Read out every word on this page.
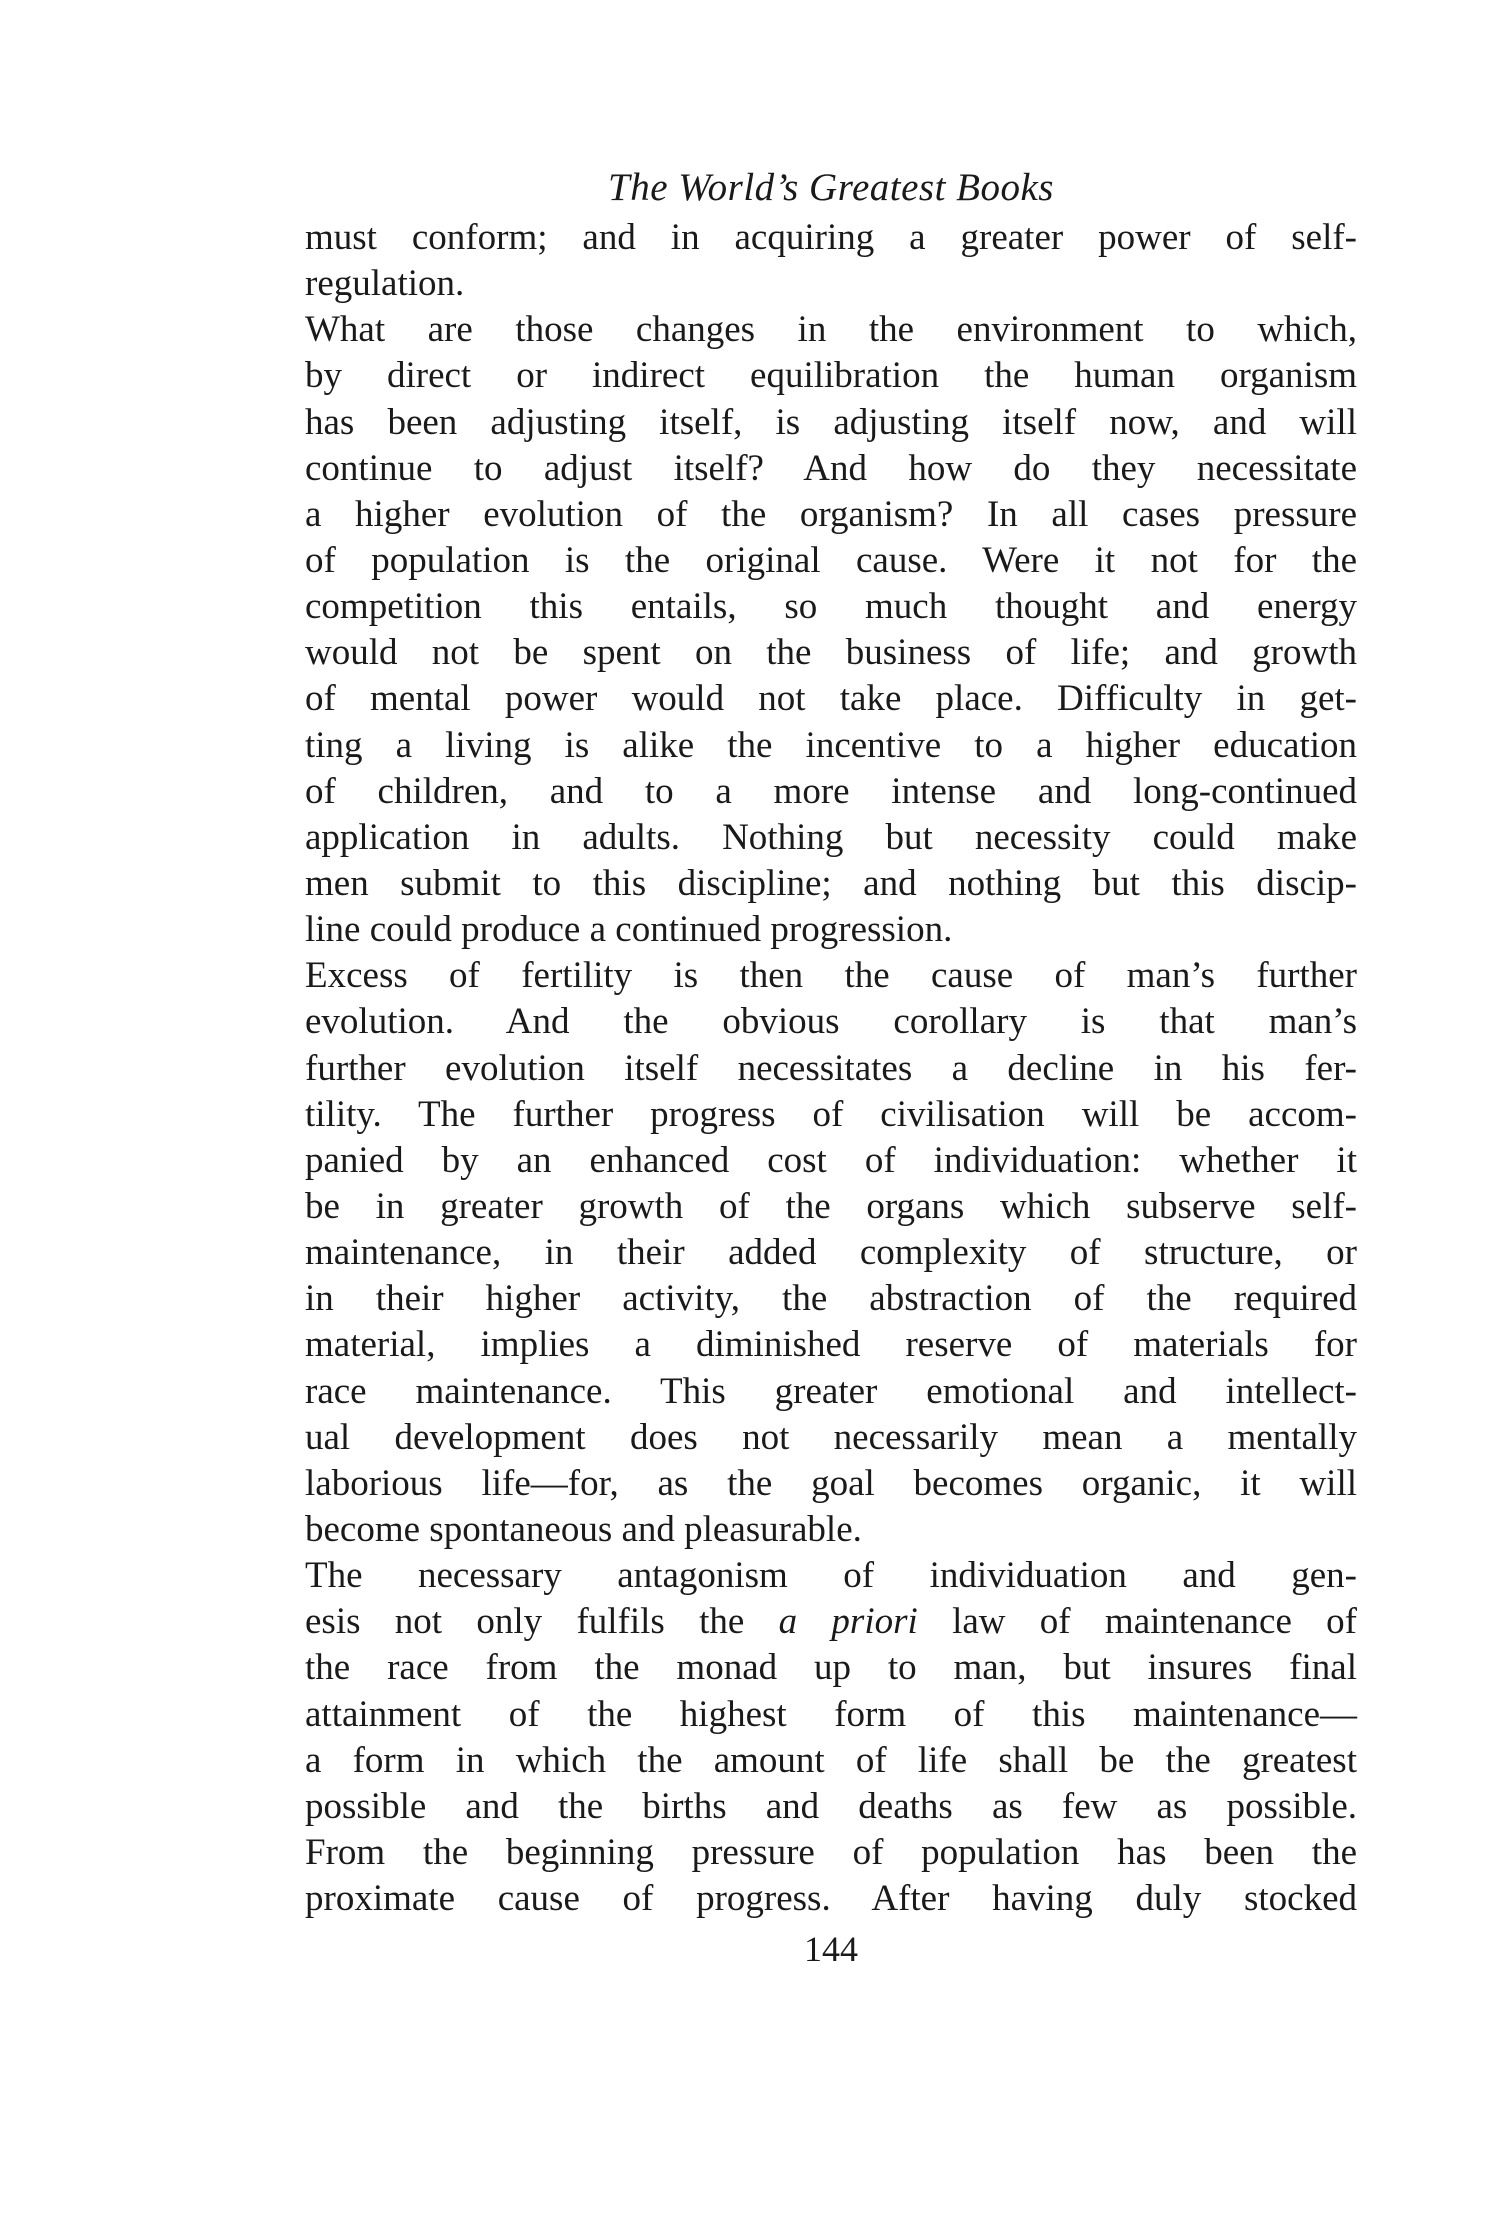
The World’s Greatest Books
must conform; and in acquiring a greater power of self-
regulation.
What are those changes in the environment to which,
by direct or indirect equilibration the human organism
has been adjusting itself, is adjusting itself now, and will
continue to adjust itself? And how do they necessitate
a higher evolution of the organism? In all cases pressure
of population is the original cause. Were it not for the
competition this entails, so much thought and energy
would not be spent on the business of life; and growth
of mental power would not take place. Difficulty in get-
ting a living is alike the incentive to a higher education
of children, and to a more intense and long-continued
application in adults. Nothing but necessity could make
men submit to this discipline; and nothing but this discip-
line could produce a continued progression.
Excess of fertility is then the cause of man’s further
evolution. And the obvious corollary is that man’s
further evolution itself necessitates a decline in his fer-
tility. The further progress of civilisation will be accom-
panied by an enhanced cost of individuation: whether it
be in greater growth of the organs which subserve self-
maintenance, in their added complexity of structure, or
in their higher activity, the abstraction of the required
material, implies a diminished reserve of materials for
race maintenance. This greater emotional and intellect-
ual development does not necessarily mean a mentally
laborious life—for, as the goal becomes organic, it will
become spontaneous and pleasurable.
The necessary antagonism of individuation and gen-
esis not only fulfils the a priori law of maintenance of
the race from the monad up to man, but insures final
attainment of the highest form of this maintenance—
a form in which the amount of life shall be the greatest
possible and the births and deaths as few as possible.
From the beginning pressure of population has been the
proximate cause of progress. After having duly stocked
144
